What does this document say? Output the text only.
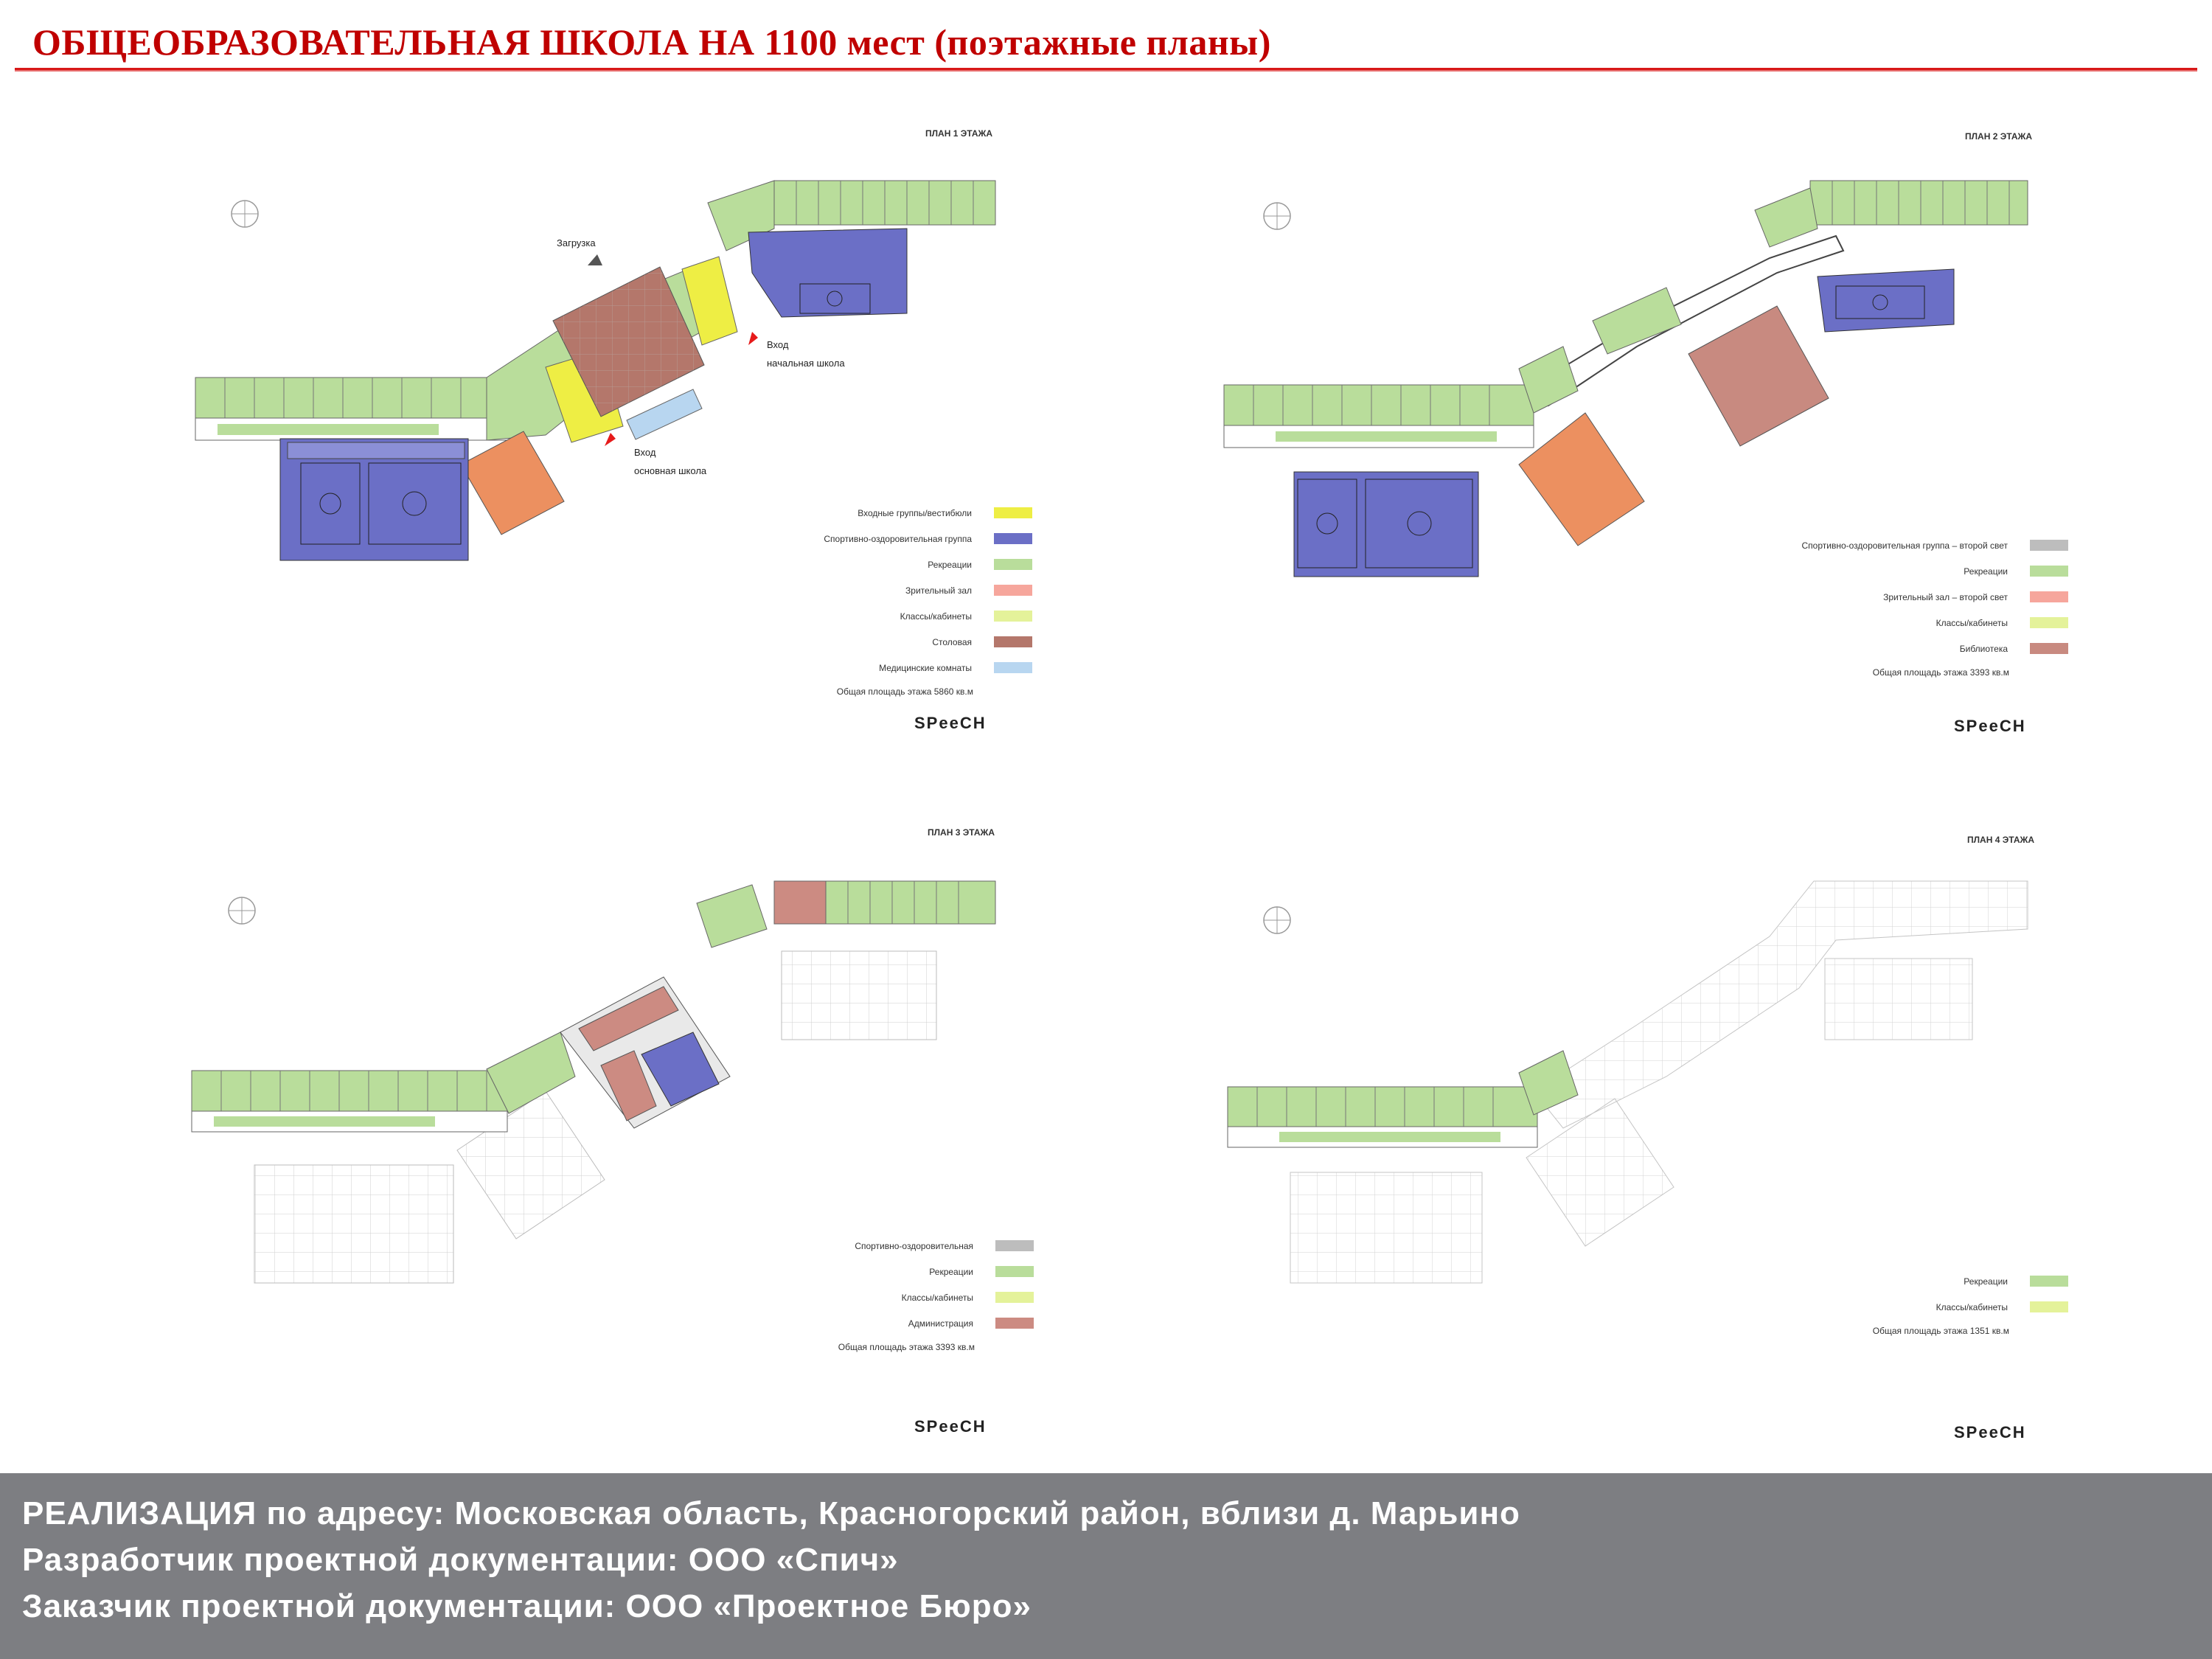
ОБЩЕОБРАЗОВАТЕЛЬНАЯ ШКОЛА НА 1100 мест (поэтажные планы)
ПЛАН 1 ЭТАЖА
Загрузка
Вход
начальная школа
Вход
основная школа
Входные группы/вестибюли
Спортивно-оздоровительная группа
Рекреации
Зрительный зал
Классы/кабинеты
Столовая
Медицинские комнаты
Общая площадь этажа 5860 кв.м
SPeeCH
ПЛАН 2 ЭТАЖА
Спортивно-оздоровительная группа – второй свет
Рекреации
Зрительный зал – второй свет
Классы/кабинеты
Библиотека
Общая площадь этажа 3393 кв.м
SPeeCH
ПЛАН 3 ЭТАЖА
Спортивно-оздоровительная
Рекреации
Классы/кабинеты
Администрация
Общая площадь этажа 3393 кв.м
SPeeCH
ПЛАН 4 ЭТАЖА
Рекреации
Классы/кабинеты
Общая площадь этажа 1351 кв.м
SPeeCH
РЕАЛИЗАЦИЯ по адресу: Московская область, Красногорский район, вблизи д. Марьино
Разработчик проектной документации: ООО «Спич»
Заказчик проектной документации: ООО «Проектное Бюро»
